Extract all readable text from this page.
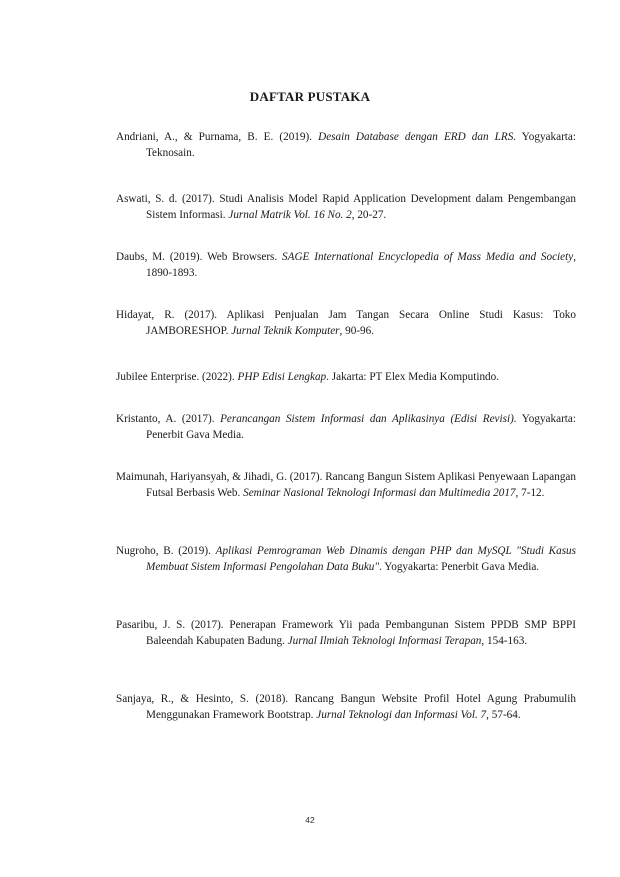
DAFTAR PUSTAKA

Andriani, A., & Purnama, B. E. (2019). Desain Database dengan ERD dan LRS. Yogyakarta: Teknosain.

Aswati, S. d. (2017). Studi Analisis Model Rapid Application Development dalam Pengembangan Sistem Informasi. Jurnal Matrik Vol. 16 No. 2, 20-27.

Daubs, M. (2019). Web Browsers. SAGE International Encyclopedia of Mass Media and Society, 1890-1893.

Hidayat, R. (2017). Aplikasi Penjualan Jam Tangan Secara Online Studi Kasus: Toko JAMBORESHOP. Jurnal Teknik Komputer, 90-96.

Jubilee Enterprise. (2022). PHP Edisi Lengkap. Jakarta: PT Elex Media Komputindo.

Kristanto, A. (2017). Perancangan Sistem Informasi dan Aplikasinya (Edisi Revisi). Yogyakarta: Penerbit Gava Media.

Maimunah, Hariyansyah, & Jihadi, G. (2017). Rancang Bangun Sistem Aplikasi Penyewaan Lapangan Futsal Berbasis Web. Seminar Nasional Teknologi Informasi dan Multimedia 2017, 7-12.

Nugroho, B. (2019). Aplikasi Pemrograman Web Dinamis dengan PHP dan MySQL "Studi Kasus Membuat Sistem Informasi Pengolahan Data Buku". Yogyakarta: Penerbit Gava Media.

Pasaribu, J. S. (2017). Penerapan Framework Yii pada Pembangunan Sistem PPDB SMP BPPI Baleendah Kabupaten Badung. Jurnal Ilmiah Teknologi Informasi Terapan, 154-163.

Sanjaya, R., & Hesinto, S. (2018). Rancang Bangun Website Profil Hotel Agung Prabumulih Menggunakan Framework Bootstrap. Jurnal Teknologi dan Informasi Vol. 7, 57-64.

42
